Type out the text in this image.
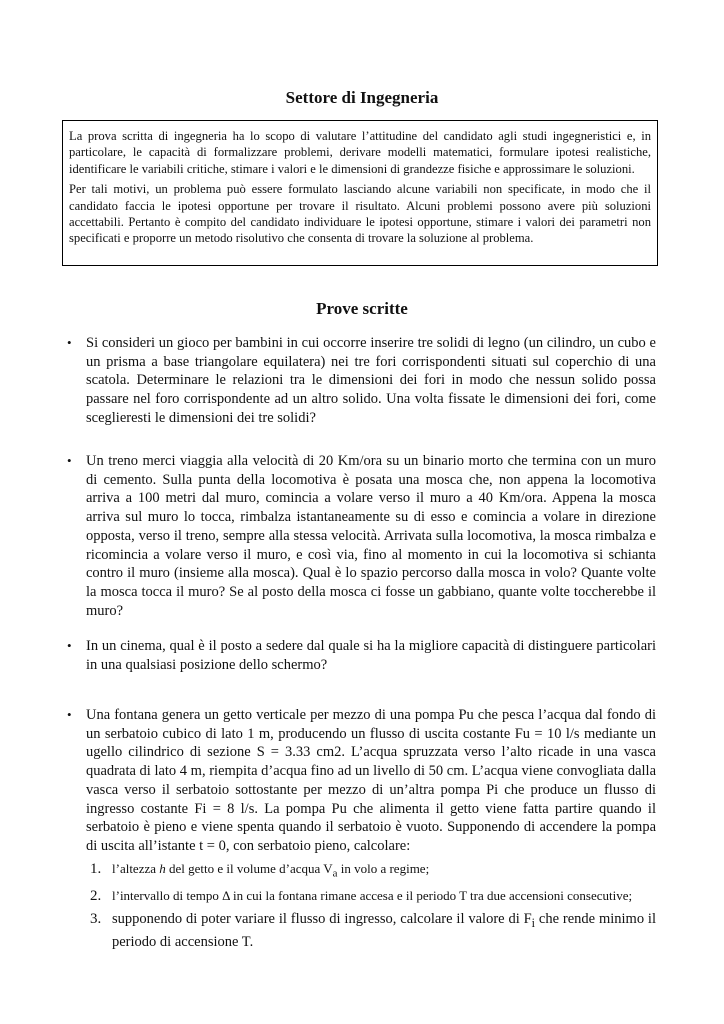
Settore di Ingegneria

La prova scritta di ingegneria ha lo scopo di valutare l’attitudine del candidato agli studi ingegneristici e, in particolare, le capacità di formalizzare problemi, derivare modelli matematici, formulare ipotesi realistiche, identificare le variabili critiche, stimare i valori e le dimensioni di grandezze fisiche e approssimare le soluzioni.

Per tali motivi, un problema può essere formulato lasciando alcune variabili non specificate, in modo che il candidato faccia le ipotesi opportune per trovare il risultato. Alcuni problemi possono avere più soluzioni accettabili. Pertanto è compito del candidato individuare le ipotesi opportune, stimare i valori dei parametri non specificati e proporre un metodo risolutivo che consenta di trovare la soluzione al problema.

Prove scritte
• Si consideri un gioco per bambini in cui occorre inserire tre solidi di legno (un cilindro, un cubo e un prisma a base triangolare equilatera) nei tre fori corrispondenti situati sul coperchio di una scatola. Determinare le relazioni tra le dimensioni dei fori in modo che nessun solido possa passare nel foro corrispondente ad un altro solido. Una volta fissate le dimensioni dei fori, come sceglieresti le dimensioni dei tre solidi?

• Un treno merci viaggia alla velocità di 20 Km/ora su un binario morto che termina con un muro di cemento. Sulla punta della locomotiva è posata una mosca che, non appena la locomotiva arriva a 100 metri dal muro, comincia a volare verso il muro a 40 Km/ora. Appena la mosca arriva sul muro lo tocca, rimbalza istantaneamente su di esso e comincia a volare in direzione opposta, verso il treno, sempre alla stessa velocità. Arrivata sulla locomotiva, la mosca rimbalza e ricomincia a volare verso il muro, e così via, fino al momento in cui la locomotiva si schianta contro il muro (insieme alla mosca). Qual è lo spazio percorso dalla mosca in volo? Quante volte la mosca tocca il muro? Se al posto della mosca ci fosse un gabbiano, quante volte toccherebbe il muro?

• In un cinema, qual è il posto a sedere dal quale si ha la migliore capacità di distinguere particolari in una qualsiasi posizione dello schermo?

• Una fontana genera un getto verticale per mezzo di una pompa Pu che pesca l’acqua dal fondo di un serbatoio cubico di lato 1 m, producendo un flusso di uscita costante Fu = 10 l/s mediante un ugello cilindrico di sezione S = 3.33 cm2. L’acqua spruzzata verso l’alto ricade in una vasca quadrata di lato 4 m, riempita d’acqua fino ad un livello di 50 cm. L’acqua viene convogliata dalla vasca verso il serbatoio sottostante per mezzo di un’altra pompa Pi che produce un flusso di ingresso costante Fi = 8 l/s. La pompa Pu che alimenta il getto viene fatta partire quando il serbatoio è pieno e viene spenta quando il serbatoio è vuoto. Supponendo di accendere la pompa di uscita all’istante t = 0, con serbatoio pieno, calcolare:

1. l’altezza h del getto e il volume d’acqua $V_a$ in volo a regime;
2. l’intervallo di tempo Δ in cui la fontana rimane accesa e il periodo T tra due accensioni consecutive;
3. supponendo di poter variare il flusso di ingresso, calcolare il valore di $F_i$ che rende minimo il periodo di accensione T.
